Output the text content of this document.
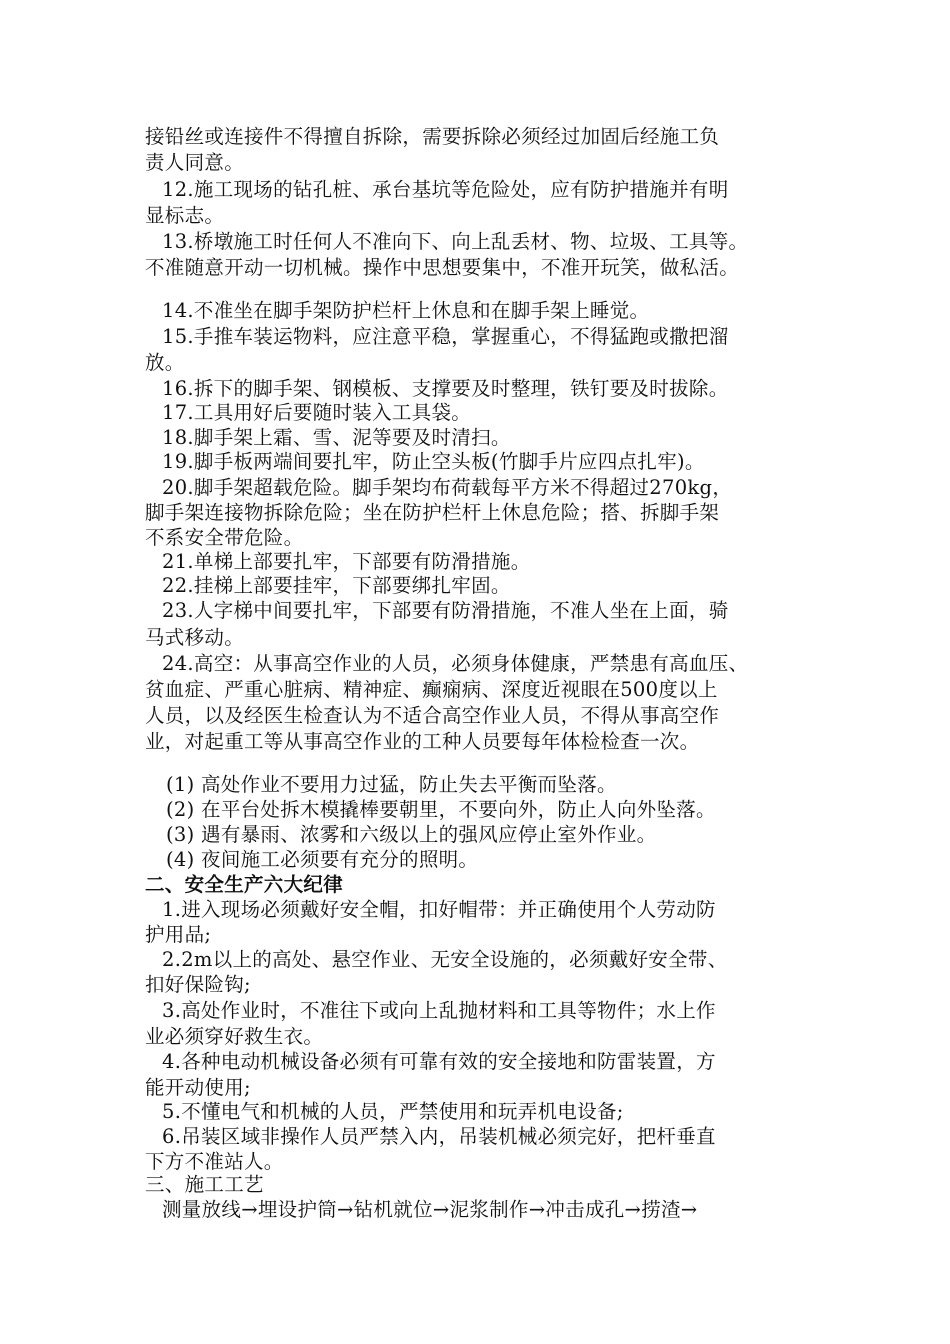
接铅丝或连接件不得擅自拆除，需要拆除必须经过加固后经施工负
责人同意。
12.施工现场的钻孔桩、承台基坑等危险处，应有防护措施并有明
显标志。
13.桥墩施工时任何人不准向下、向上乱丢材、物、垃圾、工具等。
不准随意开动一切机械。操作中思想要集中，不准开玩笑，做私活。
14.不准坐在脚手架防护栏杆上休息和在脚手架上睡觉。
15.手推车装运物料，应注意平稳，掌握重心，不得猛跑或撒把溜
放。
16.拆下的脚手架、钢模板、支撑要及时整理，铁钉要及时拔除。
17.工具用好后要随时装入工具袋。
18.脚手架上霜、雪、泥等要及时清扫。
19.脚手板两端间要扎牢，防止空头板(竹脚手片应四点扎牢)。
20.脚手架超载危险。脚手架均布荷载每平方米不得超过270kg，
脚手架连接物拆除危险；坐在防护栏杆上休息危险；搭、拆脚手架
不系安全带危险。
21.单梯上部要扎牢，下部要有防滑措施。
22.挂梯上部要挂牢，下部要绑扎牢固。
23.人字梯中间要扎牢，下部要有防滑措施，不准人坐在上面，骑
马式移动。
24.高空：从事高空作业的人员，必须身体健康，严禁患有高血压、
贫血症、严重心脏病、精神症、癫痫病、深度近视眼在500度以上
人员，以及经医生检查认为不适合高空作业人员，不得从事高空作
业，对起重工等从事高空作业的工种人员要每年体检检查一次。
(1) 高处作业不要用力过猛，防止失去平衡而坠落。
(2) 在平台处拆木模撬棒要朝里，不要向外，防止人向外坠落。
(3) 遇有暴雨、浓雾和六级以上的强风应停止室外作业。
(4) 夜间施工必须要有充分的照明。
二、安全生产六大纪律
1.进入现场必须戴好安全帽，扣好帽带：并正确使用个人劳动防
护用品;
2.2m以上的高处、悬空作业、无安全设施的，必须戴好安全带、
扣好保险钩;
3.高处作业时，不准往下或向上乱抛材料和工具等物件；水上作
业必须穿好救生衣。
4.各种电动机械设备必须有可靠有效的安全接地和防雷装置，方
能开动使用;
5.不懂电气和机械的人员，严禁使用和玩弄机电设备;
6.吊装区域非操作人员严禁入内，吊装机械必须完好，把杆垂直
下方不准站人。
三、施工工艺
测量放线→埋设护筒→钻机就位→泥浆制作→冲击成孔→捞渣→
